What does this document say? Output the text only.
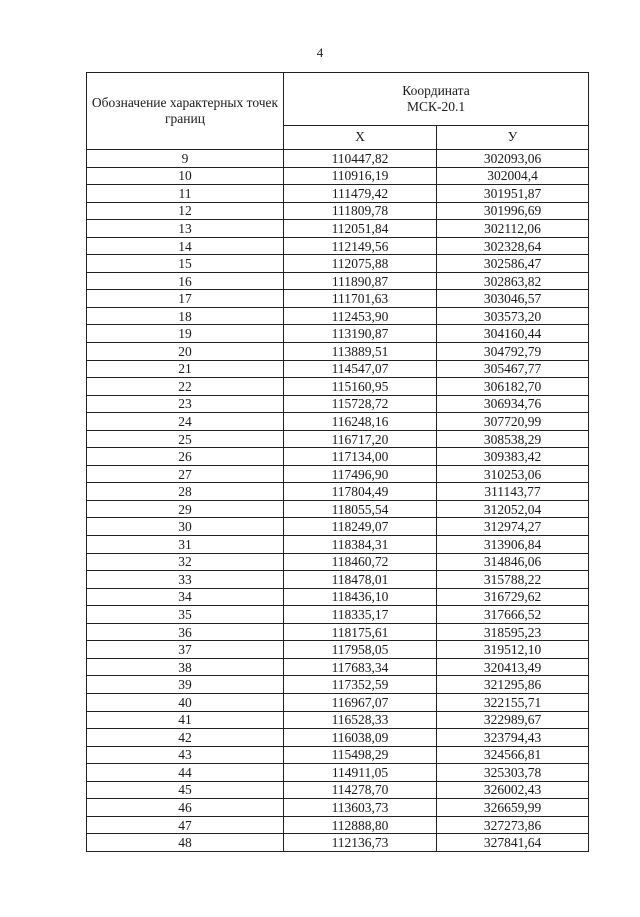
4
Обозначение характерных точек границ	Координата
МСК-20.1	
	Х	У
9	110447,82	302093,06
10	110916,19	302004,4
11	111479,42	301951,87
12	111809,78	301996,69
13	112051,84	302112,06
14	112149,56	302328,64
15	112075,88	302586,47
16	111890,87	302863,82
17	111701,63	303046,57
18	112453,90	303573,20
19	113190,87	304160,44
20	113889,51	304792,79
21	114547,07	305467,77
22	115160,95	306182,70
23	115728,72	306934,76
24	116248,16	307720,99
25	116717,20	308538,29
26	117134,00	309383,42
27	117496,90	310253,06
28	117804,49	311143,77
29	118055,54	312052,04
30	118249,07	312974,27
31	118384,31	313906,84
32	118460,72	314846,06
33	118478,01	315788,22
34	118436,10	316729,62
35	118335,17	317666,52
36	118175,61	318595,23
37	117958,05	319512,10
38	117683,34	320413,49
39	117352,59	321295,86
40	116967,07	322155,71
41	116528,33	322989,67
42	116038,09	323794,43
43	115498,29	324566,81
44	114911,05	325303,78
45	114278,70	326002,43
46	113603,73	326659,99
47	112888,80	327273,86
48	112136,73	327841,64
